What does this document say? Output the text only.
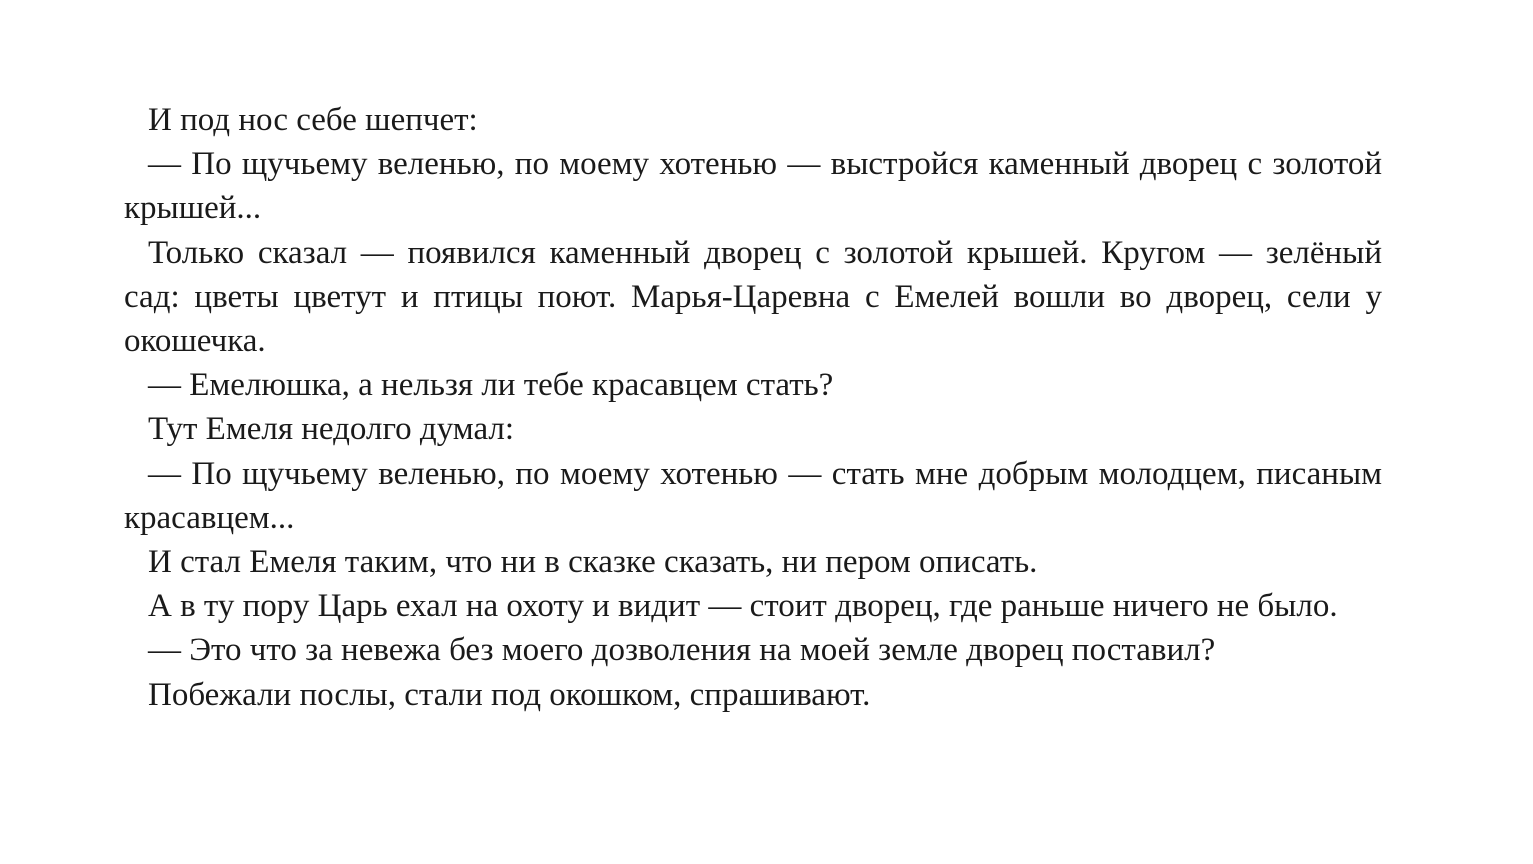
И под нос себе шепчет:

— По щучьему веленью, по моему хотенью — выстройся каменный дворец с золотой крышей...

Только сказал — появился каменный дворец с золотой крышей. Кругом — зелёный сад: цветы цветут и птицы поют. Марья-Царевна с Емелей вошли во дворец, сели у окошечка.

— Емелюшка, а нельзя ли тебе красавцем стать?

Тут Емеля недолго думал:

— По щучьему веленью, по моему хотенью — стать мне добрым молодцем, писаным красавцем...

И стал Емеля таким, что ни в сказке сказать, ни пером описать.

А в ту пору Царь ехал на охоту и видит — стоит дворец, где раньше ничего не было.

— Это что за невежа без моего дозволения на моей земле дворец поставил?

Побежали послы, стали под окошком, спрашивают.
